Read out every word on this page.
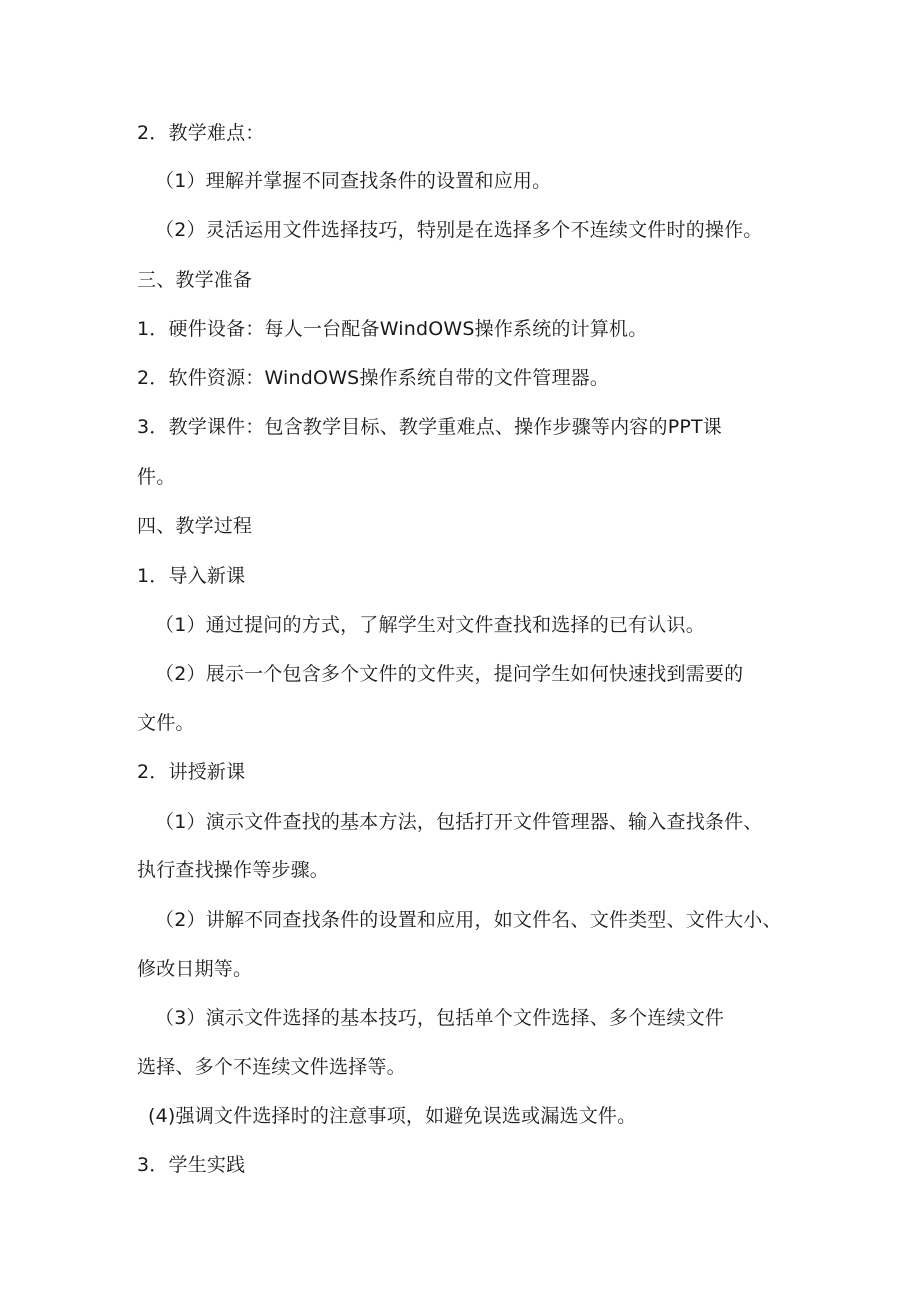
2．教学难点：
（1）理解并掌握不同查找条件的设置和应用。
（2）灵活运用文件选择技巧，特别是在选择多个不连续文件时的操作。
三、教学准备
1．硬件设备：每人一台配备WindOWS操作系统的计算机。
2．软件资源：WindOWS操作系统自带的文件管理器。
3．教学课件：包含教学目标、教学重难点、操作步骤等内容的PPT课
件。
四、教学过程
1．导入新课
（1）通过提问的方式，了解学生对文件查找和选择的已有认识。
（2）展示一个包含多个文件的文件夹，提问学生如何快速找到需要的
文件。
2．讲授新课
（1）演示文件查找的基本方法，包括打开文件管理器、输入查找条件、
执行查找操作等步骤。
（2）讲解不同查找条件的设置和应用，如文件名、文件类型、文件大小、
修改日期等。
（3）演示文件选择的基本技巧，包括单个文件选择、多个连续文件
选择、多个不连续文件选择等。
(4)强调文件选择时的注意事项，如避免误选或漏选文件。
3．学生实践
